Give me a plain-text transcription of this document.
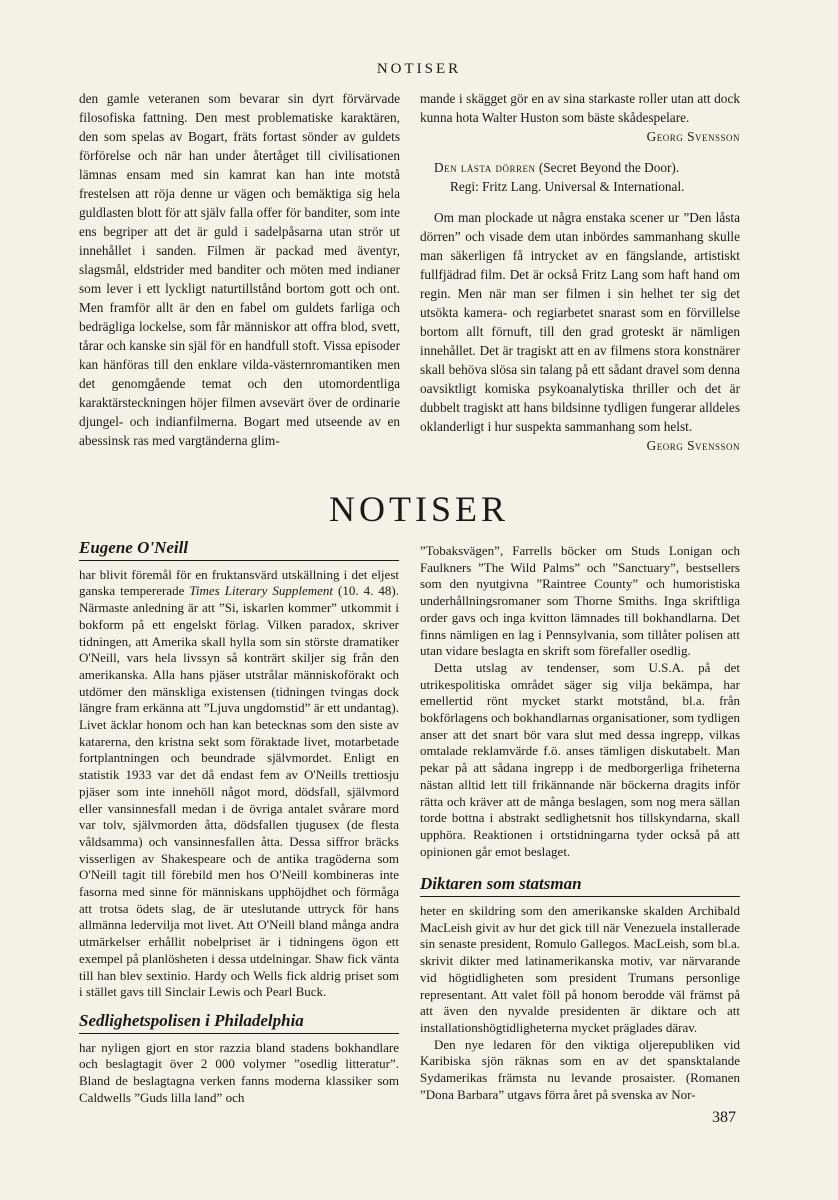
NOTISER

den gamle veteranen som bevarar sin dyrt förvärvade filosofiska fattning. Den mest problematiske karaktären, den som spelas av Bogart, fräts fortast sönder av guldets förförelse och när han under återtåget till civilisationen lämnas ensam med sin kamrat kan han inte motstå frestelsen att röja denne ur vägen och bemäktiga sig hela guldlasten blott för att själv falla offer för banditer, som inte ens begriper att det är guld i sadelpåsarna utan strör ut innehållet i sanden. Filmen är packad med äventyr, slagsmål, eldstrider med banditer och möten med indianer som lever i ett lyckligt naturtillstånd bortom gott och ont. Men framför allt är den en fabel om guldets farliga och bedrägliga lockelse, som får människor att offra blod, svett, tårar och kanske sin själ för en handfull stoft. Vissa episoder kan hänföras till den enklare vilda-västernromantiken men det genomgående temat och den utomordentliga karaktärsteckningen höjer filmen avsevärt över de ordinarie djungel- och indianfilmerna. Bogart med utseende av en abessinsk ras med vargtänderna glim-

mande i skägget gör en av sina starkaste roller utan att dock kunna hota Walter Huston som bäste skådespelare.
Georg Svensson

Den låsta dörren (Secret Beyond the Door).
Regi: Fritz Lang. Universal & International.

Om man plockade ut några enstaka scener ur ”Den låsta dörren” och visade dem utan inbördes sammanhang skulle man säkerligen få intrycket av en fängslande, artistiskt fullfjädrad film. Det är också Fritz Lang som haft hand om regin. Men när man ser filmen i sin helhet ter sig det utsökta kamera- och regiarbetet snarast som en förvillelse bortom allt förnuft, till den grad groteskt är nämligen innehållet. Det är tragiskt att en av filmens stora konstnärer skall behöva slösa sin talang på ett sådant dravel som denna oavsiktligt komiska psykoanalytiska thriller och det är dubbelt tragiskt att hans bildsinne tydligen fungerar alldeles oklanderligt i hur suspekta sammanhang som helst.

Georg Svensson
NOTISER
Eugene O'Neill

har blivit föremål för en fruktansvärd utskällning i det eljest ganska tempererade Times Literary Supplement (10. 4. 48). Närmaste anledning är att ”Si, iskarlen kommer” utkommit i bokform på ett engelskt förlag. Vilken paradox, skriver tidningen, att Amerika skall hylla som sin störste dramatiker O'Neill, vars hela livssyn så konträrt skiljer sig från den amerikanska. Alla hans pjäser utstrålar människoförakt och utdömer den mänskliga existensen (tidningen tvingas dock längre fram erkänna att ”Ljuva ungdomstid” är ett undantag). Livet äcklar honom och han kan betecknas som den siste av katarerna, den kristna sekt som föraktade livet, motarbetade fortplantningen och beundrade självmordet. Enligt en statistik 1933 var det då endast fem av O'Neills trettiosju pjäser som inte innehöll något mord, dödsfall, självmord eller vansinnesfall medan i de övriga antalet svårare mord var tolv, självmorden åtta, dödsfallen tjugusex (de flesta våldsamma) och vansinnesfallen åtta. Dessa siffror bräcks visserligen av Shakespeare och de antika tragöderna som O'Neill tagit till förebild men hos O'Neill kombineras inte fasorna med sinne för människans upphöjdhet och förmåga att trotsa ödets slag, de är uteslutande uttryck för hans allmänna ledervilja mot livet. Att O'Neill bland många andra utmärkelser erhållit nobelpriset är i tidningens ögon ett exempel på planlösheten i dessa utdelningar. Shaw fick vänta till han blev sextinio. Hardy och Wells fick aldrig priset som i stället gavs till Sinclair Lewis och Pearl Buck.

Sedlighetspolisen i Philadelphia

har nyligen gjort en stor razzia bland stadens bokhandlare och beslagtagit över 2 000 volymer ”osedlig litteratur”. Bland de beslagtagna verken fanns moderna klassiker som Caldwells ”Guds lilla land” och

”Tobaksvägen”, Farrells böcker om Studs Lonigan och Faulkners ”The Wild Palms” och ”Sanctuary”, bestsellers som den nyutgivna ”Raintree County” och humoristiska underhållningsromaner som Thorne Smiths. Inga skriftliga order gavs och inga kvitton lämnades till bokhandlarna. Det finns nämligen en lag i Pennsylvania, som tillåter polisen att utan vidare beslagta en skrift som förefaller osedlig.

Detta utslag av tendenser, som U.S.A. på det utrikespolitiska området säger sig vilja bekämpa, har emellertid rönt mycket starkt motstånd, bl.a. från bokförlagens och bokhandlarnas organisationer, som tydligen anser att det snart bör vara slut med dessa ingrepp, vilkas omtalade reklamvärde f.ö. anses tämligen diskutabelt. Man pekar på att sådana ingrepp i de medborgerliga friheterna nästan alltid lett till frikännande när böckerna dragits inför rätta och kräver att de många beslagen, som nog mera sällan torde bottna i abstrakt sedlighetsnit hos tillskyndarna, skall upphöra. Reaktionen i ortstidningarna tyder också på att opinionen går emot beslaget.

Diktaren som statsman

heter en skildring som den amerikanske skalden Archibald MacLeish givit av hur det gick till när Venezuela installerade sin senaste president, Romulo Gallegos. MacLeish, som bl.a. skrivit dikter med latinamerikanska motiv, var närvarande vid högtidligheten som president Trumans personlige representant. Att valet föll på honom berodde väl främst på att även den nyvalde presidenten är diktare och att installationshögtidligheterna mycket präglades därav.

Den nye ledaren för den viktiga oljerepubliken vid Karibiska sjön räknas som en av det spansktalande Sydamerikas främsta nu levande prosaister. (Romanen ”Dona Barbara” utgavs förra året på svenska av Nor-

387
